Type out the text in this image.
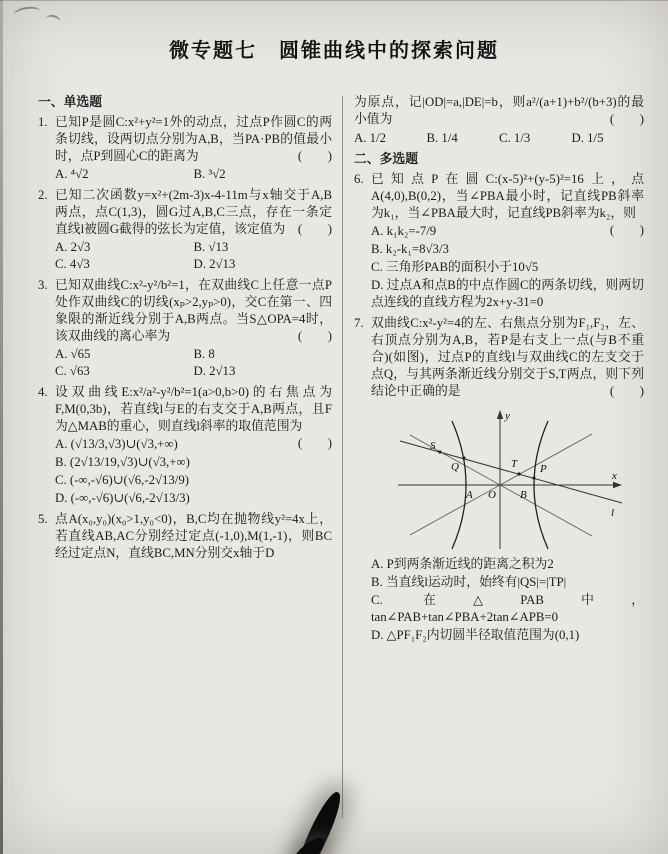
微专题七　圆锥曲线中的探索问题
一、单选题
1. 已知P是圆C:x²+y²=1外的动点，过点P作圆C的两条切线，设两切点分别为A,B，当PA·PB的值最小时，点P到圆心C的距离为	(　　)
A. ⁴√2	B. ³√2
2. 已知二次函数y=x²+(2m-3)x-4-11m与x轴交于A,B两点，点C(1,3)，圆G过A,B,C三点，存在一条定直线l被圆G截得的弦长为定值，该定值为 (　　)
A. 2√3	B. √13
C. 4√3	D. 2√13
3. 已知双曲线C:x²-y²/b²=1，在双曲线C上任意一点P处作双曲线C的切线(xₚ>2,yₚ>0)，交C在第一、四象限的渐近线分别于A,B两点。当S△OPA=4时，该双曲线的离心率为	(　　)
A. √65	B. 8
C. √63	D. 2√13
4. 设双曲线E:x²/a²-y²/b²=1(a>0,b>0)的右焦点为F,M(0,3b)，若直线l与E的右支交于A,B两点，且F为△MAB的重心，则直线l斜率的取值范围为
(　　)
A. (√13/3,√3)∪(√3,+∞)
B. (2√13/19,√3)∪(√3,+∞)
C. (-∞,-√6)∪(√6,-2√13/9)
D. (-∞,-√6)∪(√6,-2√13/3)
5. 点A(x₀,y₀)(x₀>1,y₀<0)，B,C均在抛物线y²=4x上，若直线AB,AC分别经过定点(-1,0),M(1,-1)，则BC经过定点N，直线BC,MN分别交x轴于D
为原点，记|OD|=a,|DE|=b，则a²/(a+1)+b²/(b+3)的最小值为	(　　)
A. 1/2	B. 1/4	C. 1/3	D. 1/5
二、多选题
6. 已知点P在圆C:(x-5)²+(y-5)²=16上，点A(4,0),B(0,2)，当∠PBA最小时，记直线PB斜率为k₁，当∠PBA最大时，记直线PB斜率为k₂，则
(　　)
A. k₁k₂=-7/9
B. k₂-k₁=8√3/3
C. 三角形PAB的面积小于10√5
D. 过点A和点B的中点作圆C的两条切线，则两切点连线的直线方程为2x+y-31=0
7. 双曲线C:x²-y²=4的左、右焦点分别为F₁,F₂，左、右顶点分别为A,B，若P是右支上一点(与B不重合)(如图)，过点P的直线l与双曲线C的左支交于点Q，与其两条渐近线分别交于S,T两点，则下列结论中正确的是	(　　)
y
x
O
A	B
S
Q	T P
l
A. P到两条渐近线的距离之积为2
B. 当直线l运动时，始终有|QS|=|TP|
C. 在△PAB中，tan∠PAB+tan∠PBA+2tan∠APB=0
D. △PF₁F₂内切圆半径取值范围为(0,1)
